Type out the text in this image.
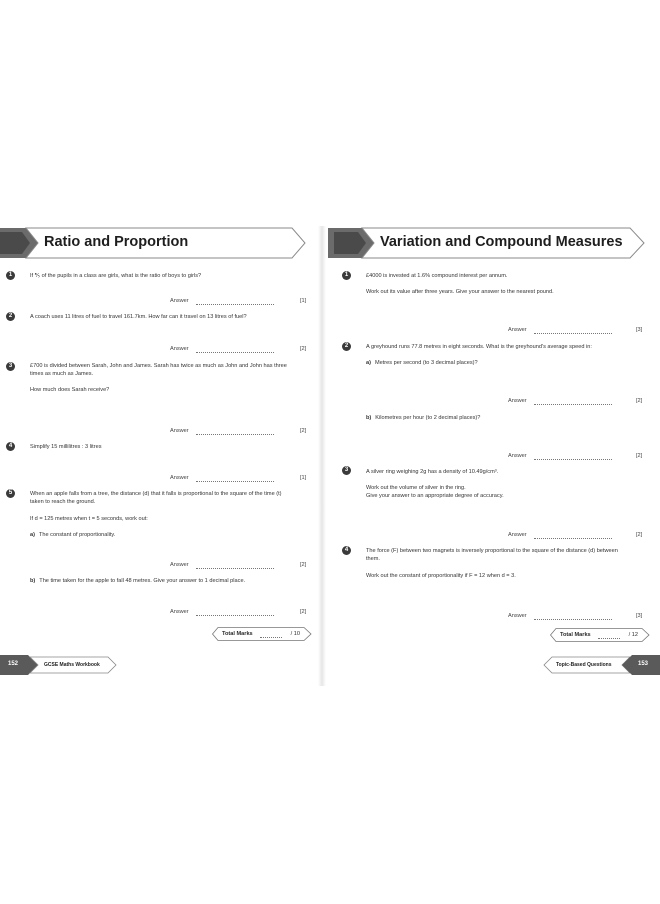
Ratio and Proportion
1	If ⅗ of the pupils in a class are girls, what is the ratio of boys to girls?
Answer	[1]
2	A coach uses 11 litres of fuel to travel 161.7km. How far can it travel on 13 litres of fuel?
Answer	[2]
3	£700 is divided between Sarah, John and James. Sarah has twice as much as John and John has three times as much as James.
How much does Sarah receive?
Answer	[2]
4	Simplify 15 millilitres : 3 litres
Answer	[1]
5	When an apple falls from a tree, the distance (d) that it falls is proportional to the square of the time (t) taken to reach the ground.
If d = 125 metres when t = 5 seconds, work out:
a) The constant of proportionality.
Answer	[2]
b) The time taken for the apple to fall 48 metres. Give your answer to 1 decimal place.
Answer	[2]
Total Marks	/ 10
152	GCSE Maths Workbook
Variation and Compound Measures
1	£4000 is invested at 1.6% compound interest per annum.
Work out its value after three years. Give your answer to the nearest pound.
Answer	[3]
2	A greyhound runs 77.8 metres in eight seconds. What is the greyhound's average speed in:
a) Metres per second (to 3 decimal places)?
Answer	[2]
b) Kilometres per hour (to 2 decimal places)?
Answer	[2]
3	A silver ring weighing 2g has a density of 10.49g/cm³.
Work out the volume of silver in the ring.
Give your answer to an appropriate degree of accuracy.
Answer	[2]
4	The force (F) between two magnets is inversely proportional to the square of the distance (d) between them.
Work out the constant of proportionality if F = 12 when d = 3.
Answer	[3]
Total Marks	/ 12
Topic-Based Questions	153
